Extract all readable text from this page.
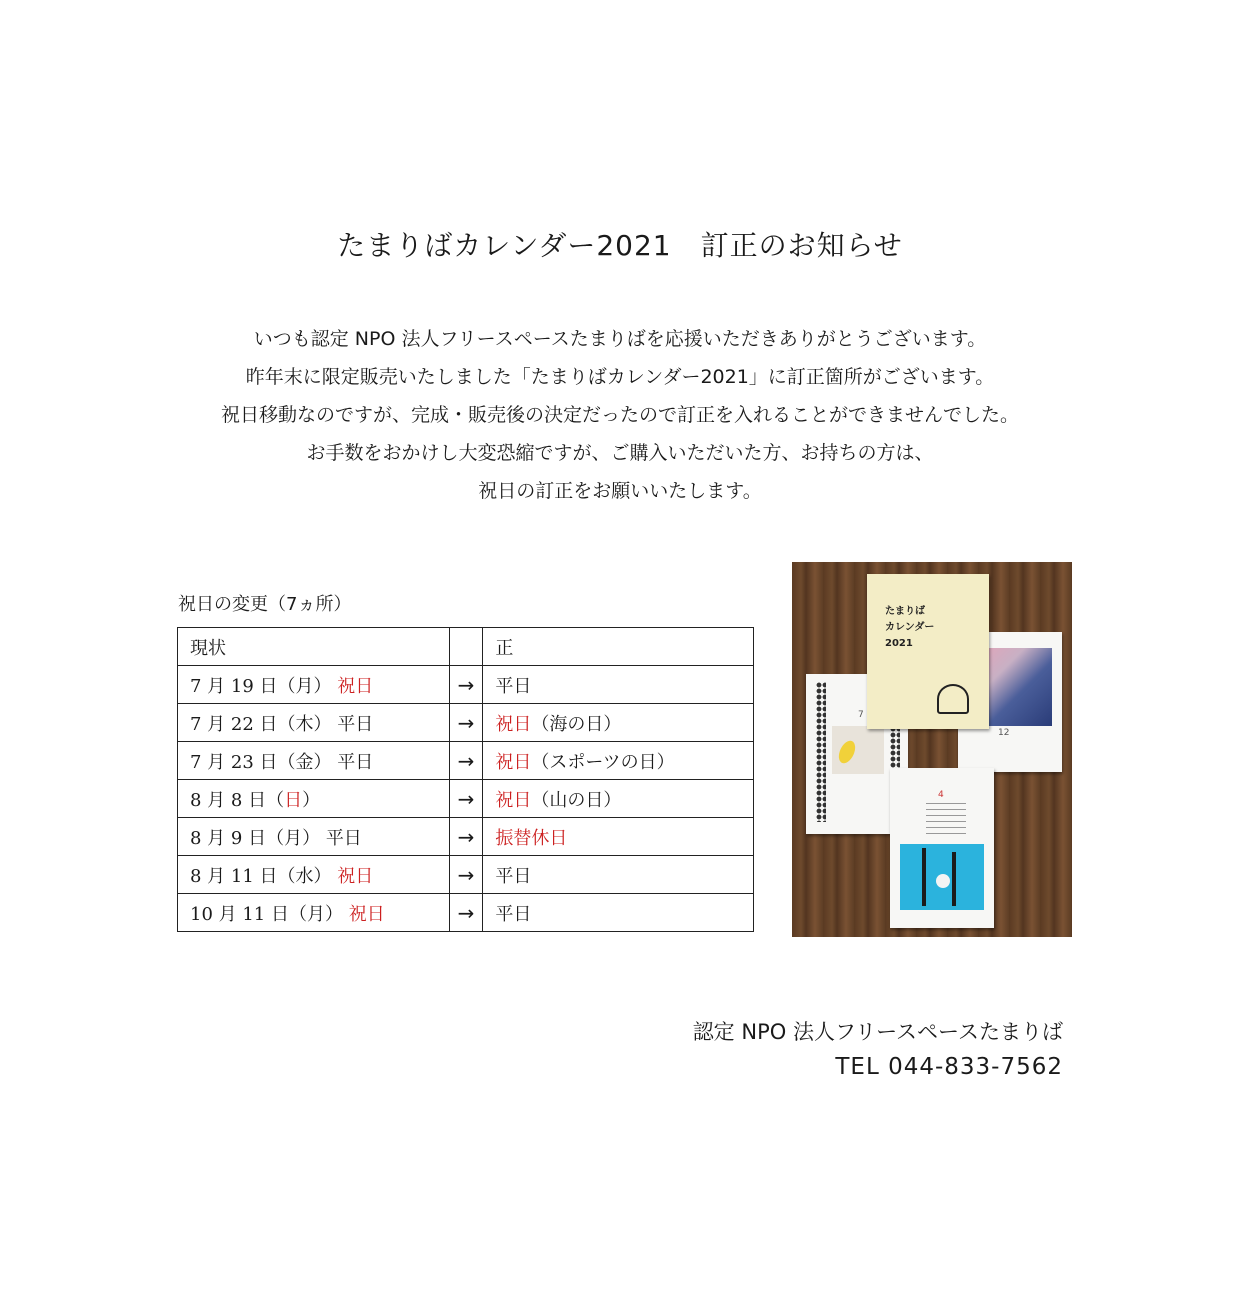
たまりばカレンダー2021　訂正のお知らせ

いつも認定 NPO 法人フリースペースたまりばを応援いただきありがとうございます。

昨年末に限定販売いたしました「たまりばカレンダー2021」に訂正箇所がございます。

祝日移動なのですが、完成・販売後の決定だったので訂正を入れることができませんでした。

お手数をおかけし大変恐縮ですが、ご購入いただいた方、お持ちの方は、

祝日の訂正をお願いいたします。

祝日の変更（7ヵ所）
現状		正
7 月 19 日（月） 祝日	→	平日
7 月 22 日（木） 平日	→	祝日（海の日）
7 月 23 日（金） 平日	→	祝日（スポーツの日）
8 月 8 日（日）	→	祝日（山の日）
8 月 9 日（月） 平日	→	振替休日
8 月 11 日（水） 祝日	→	平日
10 月 11 日（月） 祝日	→	平日
7
12
たまりば
カレンダー
2021
4
認定 NPO 法人フリースペースたまりば
TEL 044-833-7562
